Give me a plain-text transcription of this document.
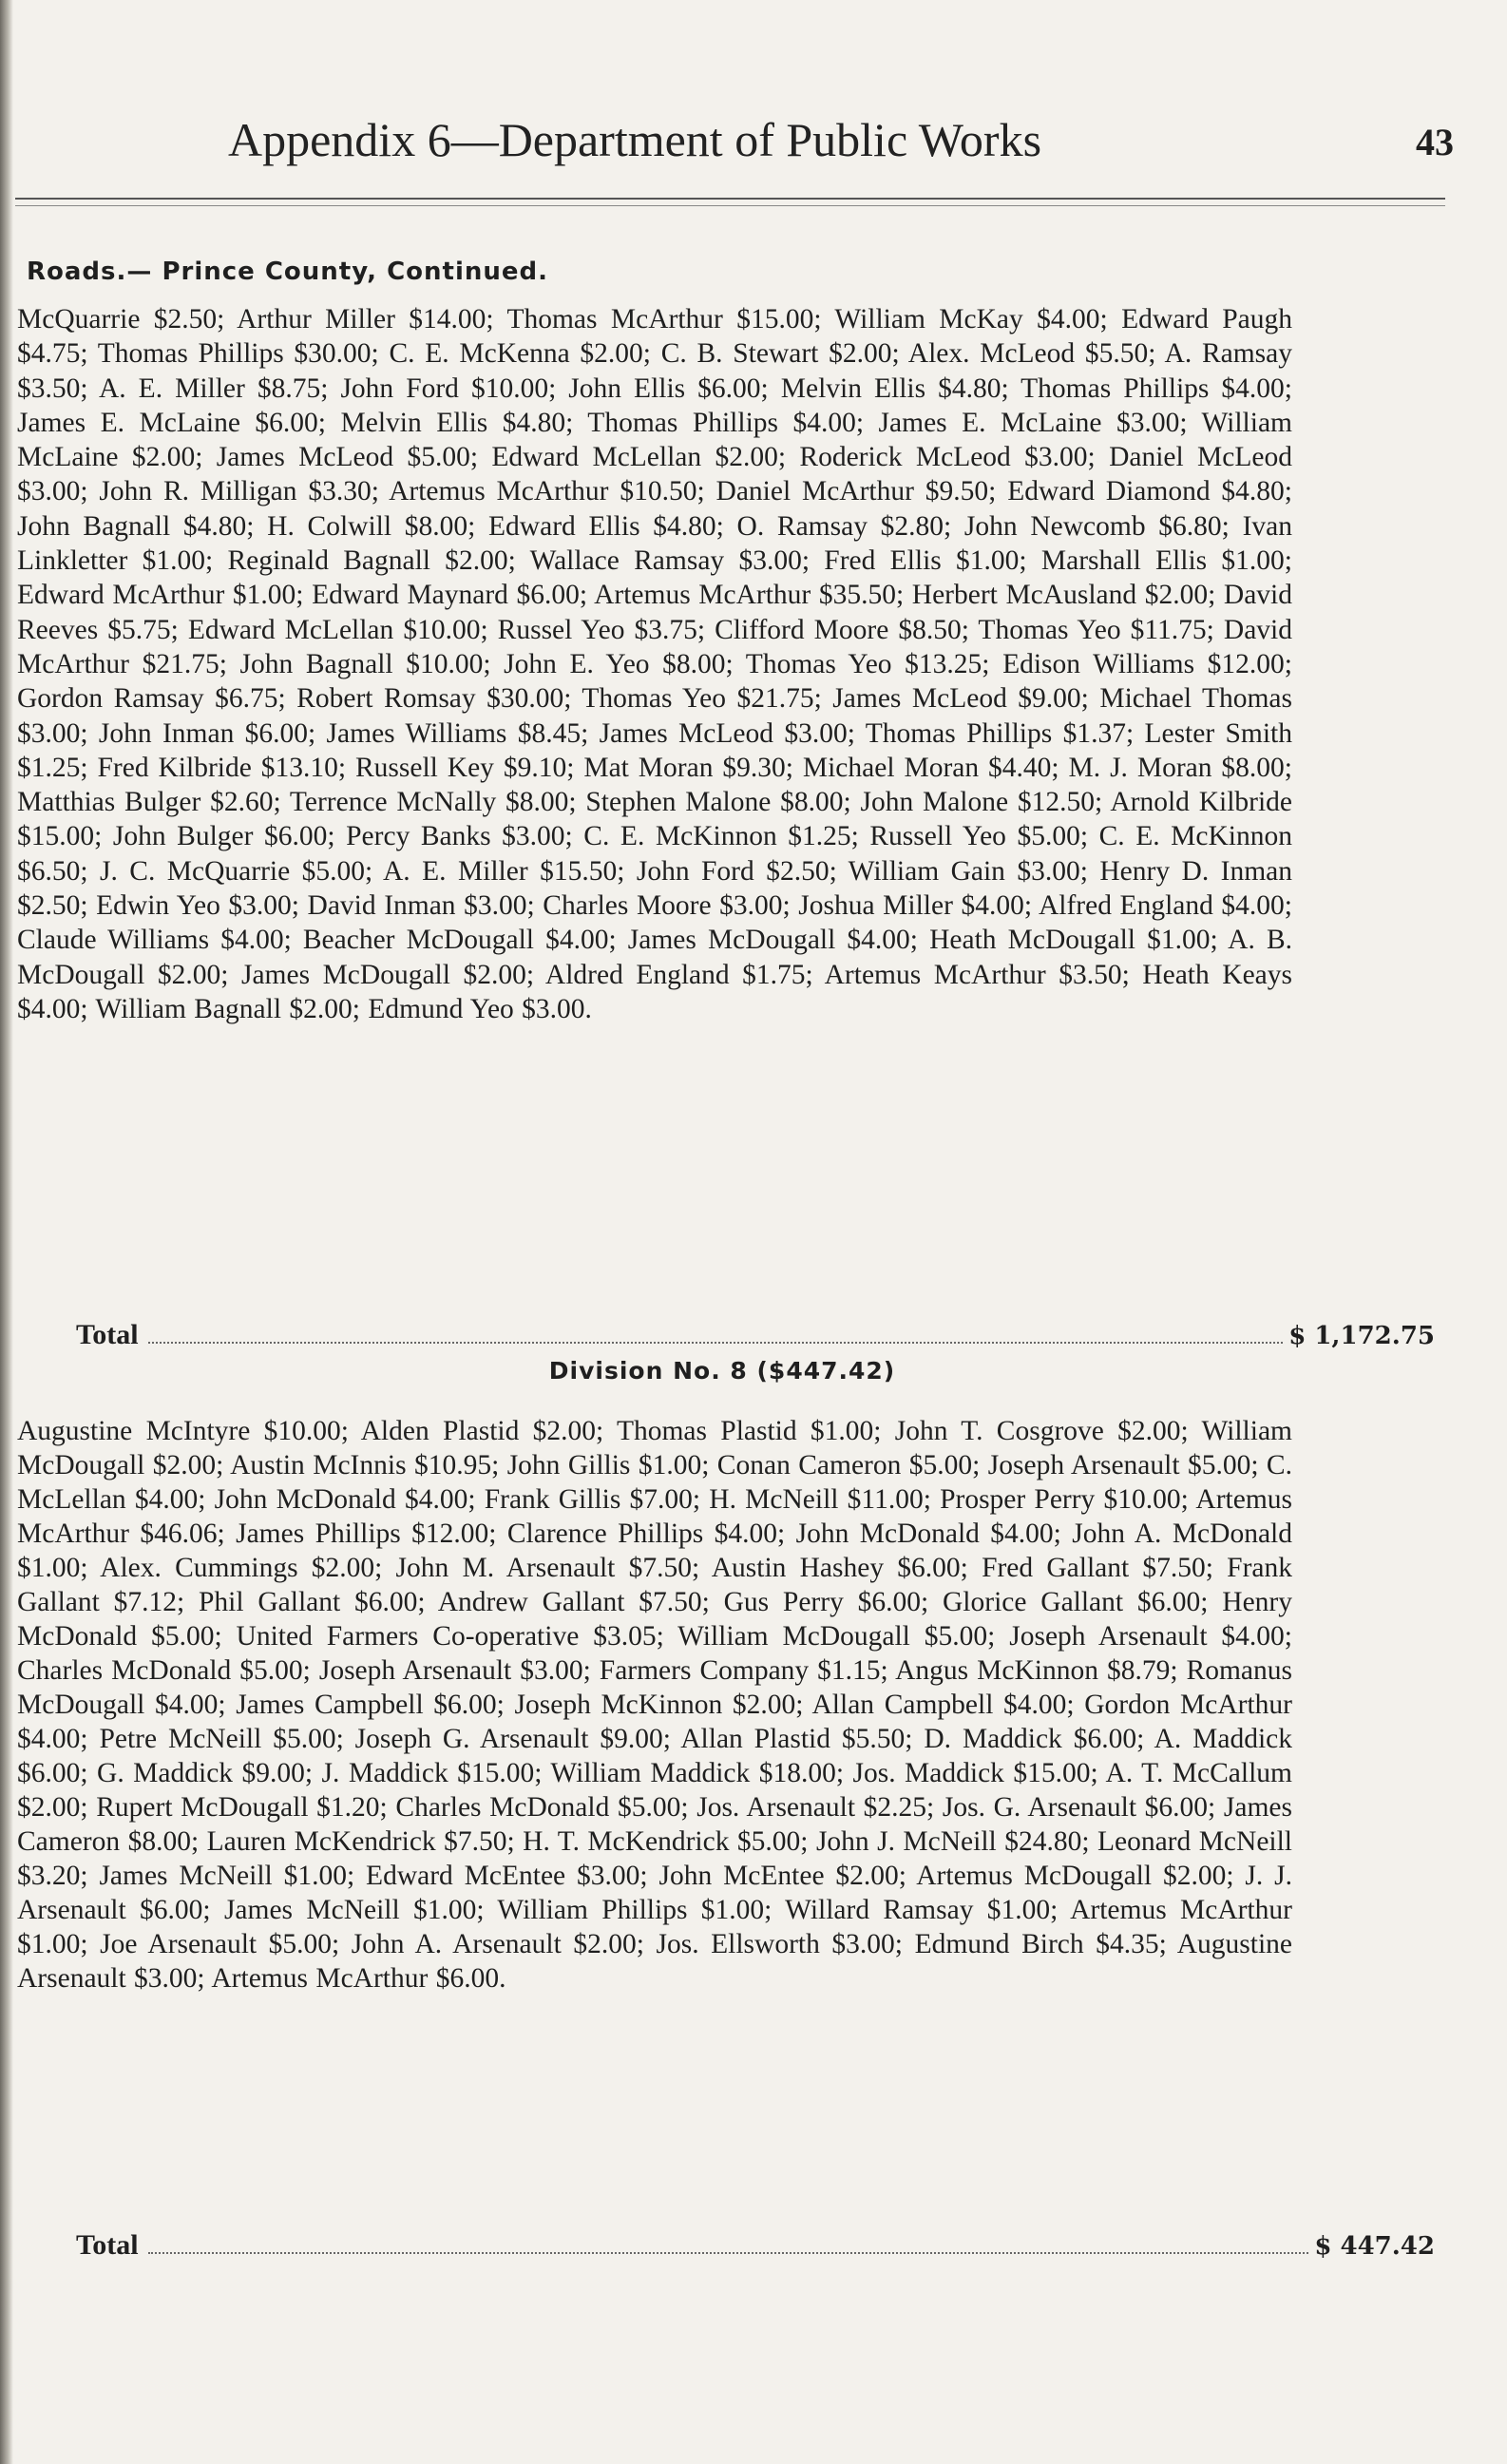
Appendix 6—Department of Public Works	43
Roads.— Prince County, Continued.
McQuarrie $2.50; Arthur Miller $14.00; Thomas McArthur $15.00; William McKay $4.00; Edward Paugh $4.75; Thomas Phillips $30.00; C. E. McKenna $2.00; C. B. Stewart $2.00; Alex. McLeod $5.50; A. Ramsay $3.50; A. E. Miller $8.75; John Ford $10.00; John Ellis $6.00; Melvin Ellis $4.80; Thomas Phillips $4.00; James E. McLaine $6.00; Melvin Ellis $4.80; Thomas Phillips $4.00; James E. McLaine $3.00; William McLaine $2.00; James McLeod $5.00; Edward McLellan $2.00; Roderick McLeod $3.00; Daniel McLeod $3.00; John R. Milligan $3.30; Artemus McArthur $10.50; Daniel McArthur $9.50; Edward Diamond $4.80; John Bagnall $4.80; H. Colwill $8.00; Edward Ellis $4.80; O. Ramsay $2.80; John Newcomb $6.80; Ivan Linkletter $1.00; Reginald Bagnall $2.00; Wallace Ramsay $3.00; Fred Ellis $1.00; Marshall Ellis $1.00; Edward McArthur $1.00; Edward Maynard $6.00; Artemus McArthur $35.50; Herbert McAusland $2.00; David Reeves $5.75; Edward McLellan $10.00; Russel Yeo $3.75; Clifford Moore $8.50; Thomas Yeo $11.75; David McArthur $21.75; John Bagnall $10.00; John E. Yeo $8.00; Thomas Yeo $13.25; Edison Williams $12.00; Gordon Ramsay $6.75; Robert Romsay $30.00; Thomas Yeo $21.75; James McLeod $9.00; Michael Thomas $3.00; John Inman $6.00; James Williams $8.45; James McLeod $3.00; Thomas Phillips $1.37; Lester Smith $1.25; Fred Kilbride $13.10; Russell Key $9.10; Mat Moran $9.30; Michael Moran $4.40; M. J. Moran $8.00; Matthias Bulger $2.60; Terrence McNally $8.00; Stephen Malone $8.00; John Malone $12.50; Arnold Kilbride $15.00; John Bulger $6.00; Percy Banks $3.00; C. E. McKinnon $1.25; Russell Yeo $5.00; C. E. McKinnon $6.50; J. C. McQuarrie $5.00; A. E. Miller $15.50; John Ford $2.50; William Gain $3.00; Henry D. Inman $2.50; Edwin Yeo $3.00; David Inman $3.00; Charles Moore $3.00; Joshua Miller $4.00; Alfred England $4.00; Claude Williams $4.00; Beacher McDougall $4.00; James McDougall $4.00; Heath McDougall $1.00; A. B. McDougall $2.00; James McDougall $2.00; Aldred England $1.75; Artemus McArthur $3.50; Heath Keays $4.00; William Bagnall $2.00; Edmund Yeo $3.00.
Total	$ 1,172.75
Division No. 8 ($447.42)
Augustine McIntyre $10.00; Alden Plastid $2.00; Thomas Plastid $1.00; John T. Cosgrove $2.00; William McDougall $2.00; Austin McInnis $10.95; John Gillis $1.00; Conan Cameron $5.00; Joseph Arsenault $5.00; C. McLellan $4.00; John McDonald $4.00; Frank Gillis $7.00; H. McNeill $11.00; Prosper Perry $10.00; Artemus McArthur $46.06; James Phillips $12.00; Clarence Phillips $4.00; John McDonald $4.00; John A. McDonald $1.00; Alex. Cummings $2.00; John M. Arsenault $7.50; Austin Hashey $6.00; Fred Gallant $7.50; Frank Gallant $7.12; Phil Gallant $6.00; Andrew Gallant $7.50; Gus Perry $6.00; Glorice Gallant $6.00; Henry McDonald $5.00; United Farmers Co-operative $3.05; William McDougall $5.00; Joseph Arsenault $4.00; Charles McDonald $5.00; Joseph Arsenault $3.00; Farmers Company $1.15; Angus McKinnon $8.79; Romanus McDougall $4.00; James Campbell $6.00; Joseph McKinnon $2.00; Allan Campbell $4.00; Gordon McArthur $4.00; Petre McNeill $5.00; Joseph G. Arsenault $9.00; Allan Plastid $5.50; D. Maddick $6.00; A. Maddick $6.00; G. Maddick $9.00; J. Maddick $15.00; William Maddick $18.00; Jos. Maddick $15.00; A. T. McCallum $2.00; Rupert McDougall $1.20; Charles McDonald $5.00; Jos. Arsenault $2.25; Jos. G. Arsenault $6.00; James Cameron $8.00; Lauren McKendrick $7.50; H. T. McKendrick $5.00; John J. McNeill $24.80; Leonard McNeill $3.20; James McNeill $1.00; Edward McEntee $3.00; John McEntee $2.00; Artemus McDougall $2.00; J. J. Arsenault $6.00; James McNeill $1.00; William Phillips $1.00; Willard Ramsay $1.00; Artemus McArthur $1.00; Joe Arsenault $5.00; John A. Arsenault $2.00; Jos. Ellsworth $3.00; Edmund Birch $4.35; Augustine Arsenault $3.00; Artemus McArthur $6.00.
Total	$ 447.42
